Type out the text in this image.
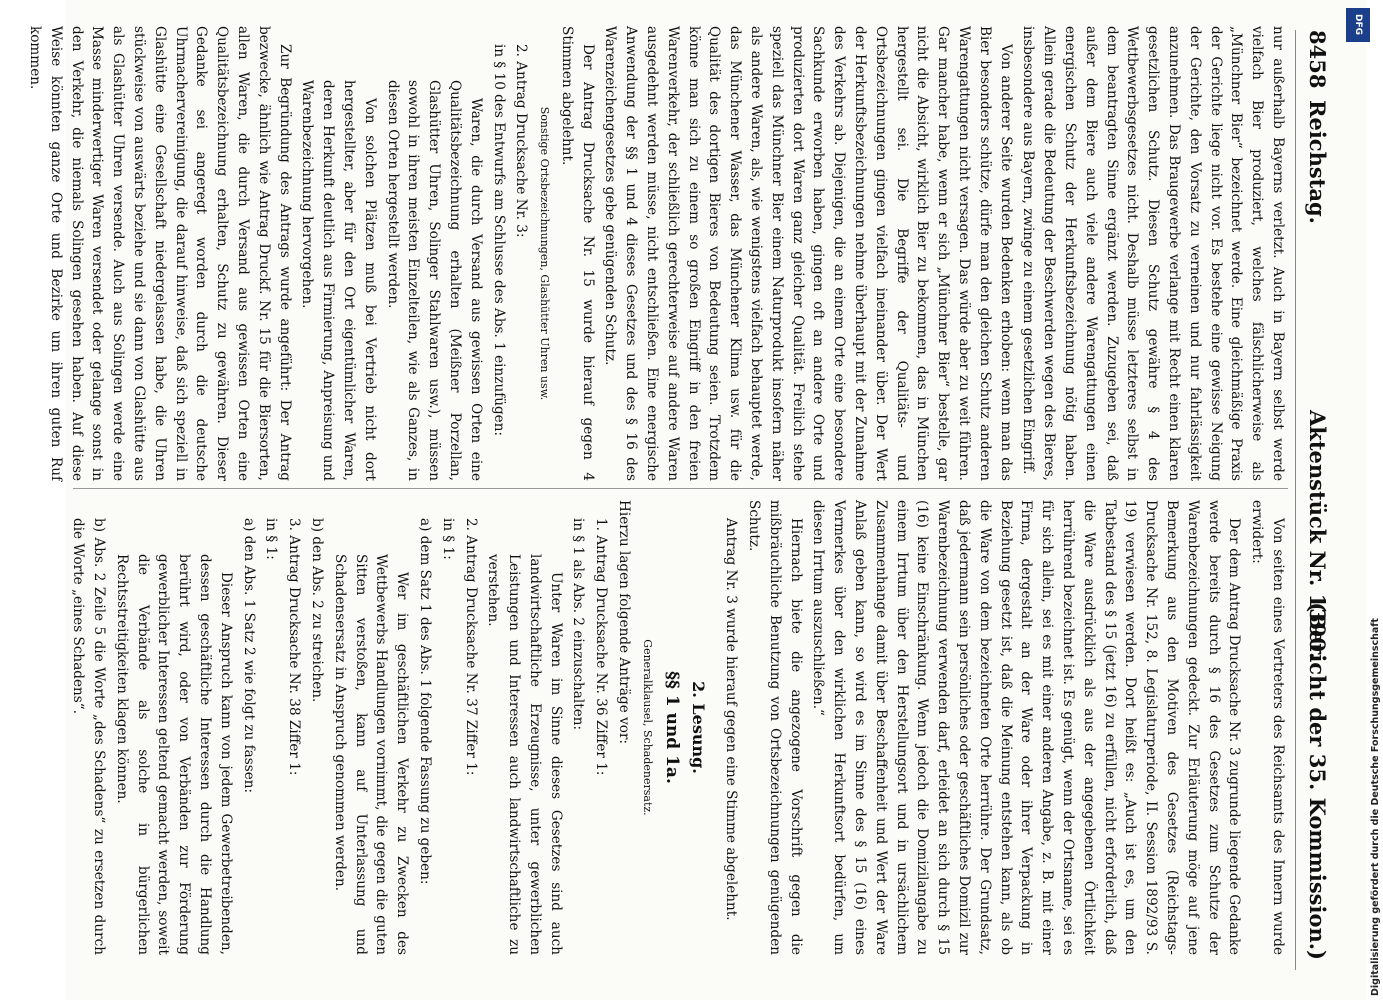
8458
Reichstag.
Aktenstück Nr. 1390.
(Bericht der 35. Kommission.)

nur außerhalb Bayerns verletzt. Auch in Bayern selbst werde vielfach Bier produziert, welches fälschlicherweise als „Münchner Bier“ bezeichnet werde. Eine gleichmäßige Praxis der Gerichte liege nicht vor. Es bestehe eine gewisse Neigung der Gerichte, den Vorsatz zu verneinen und nur fahrlässigkeit anzunehmen. Das Braugewerbe verlange mit Recht einen klaren gesetzlichen Schutz. Diesen Schutz gewähre § 4 des Wettbewerbsgesetzes nicht. Deshalb müsse letzteres selbst in dem beantragten Sinne ergänzt werden. Zuzugeben sei, daß außer dem Biere auch viele andere Warengattungen einen energischen Schutz der Herkunftsbezeichnung nötig haben. Allein gerade die Bedeutung der Beschwerden wegen des Bieres, insbesondere aus Bayern, zwinge zu einem gesetzlichen Eingriff.

Von anderer Seite wurden Bedenken erhoben: wenn man das Bier besonders schütze, dürfe man den gleichen Schutz anderen Warengattungen nicht versagen. Das würde aber zu weit führen. Gar mancher habe, wenn er sich „Münchner Bier“ bestelle, gar nicht die Absicht, wirklich Bier zu bekommen, das in München hergestellt sei. Die Begriffe der Qualitäts- und Ortsbezeichnungen gingen vielfach ineinander über. Der Wert der Herkunftsbezeichnungen nehme überhaupt mit der Zunahme des Verkehrs ab. Diejenigen, die an einem Orte eine besondere Sachkunde erworben haben, gingen oft an andere Orte und produzierten dort Waren ganz gleicher Qualität. Freilich stehe speziell das Münchner Bier einem Naturprodukt insofern näher als andere Waren, als, wie wenigstens vielfach behauptet werde, das Münchener Wasser, das Münchener Klima usw. für die Qualität des dortigen Bieres von Bedeutung seien. Trotzdem könne man sich zu einem so großen Eingriff in den freien Warenverkehr, der schließlich gerechterweise auf andere Waren ausgedehnt werden müsse, nicht entschließen. Eine energische Anwendung der §§ 1 und 4 dieses Gesetzes und des § 16 des Warenzeichengesetzes gebe genügenden Schutz.

Der Antrag Drucksache Nr. 15 wurde hierauf gegen 4 Stimmen abgelehnt.

Sonstige Ortsbezeichnungen, Glashütter Uhren usw.

2. Antrag Drucksache Nr. 3:

in § 10 des Entwurfs am Schlusse des Abs. 1 einzufügen:

Waren, die durch Versand aus gewissen Orten eine Qualitätsbezeichnung erhalten (Meißner Porzellan, Glashütter Uhren, Solinger Stahlwaren usw.), müssen sowohl in ihren meisten Einzelteilen, wie als Ganzes, in diesen Orten hergestellt werden.

Von solchen Plätzen muß bei Vertrieb nicht dort hergestellter, aber für den Ort eigentümlicher Waren, deren Herkunft deutlich aus Firmierung, Anpreisung und Warenbezeichnung hervorgehen.

Zur Begründung des Antrags wurde angeführt: Der Antrag bezwecke, ähnlich wie Antrag Druckf. Nr. 15 für die Biersorten, allen Waren, die durch Versand aus gewissen Orten eine Qualitätsbezeichnung erhalten, Schutz zu gewähren. Dieser Gedanke sei angeregt worden durch die deutsche Uhrmachervereinigung, die darauf hinweise, daß sich speziell in Glashütte eine Gesellschaft niedergelassen habe, die Uhren stückweise von auswärts beziehe und sie dann von Glashütte aus als Glashütter Uhren versende. Auch aus Solingen werde eine Masse minderwertiger Waren versendet oder gelange sonst in den Verkehr, die niemals Solingen gesehen haben. Auf diese Weise könnten ganze Orte und Bezirke um ihren guten Ruf kommen.

Von seiten eines Vertreters des Reichsamts des Innern wurde erwidert:

Der dem Antrag Drucksache Nr. 3 zugrunde liegende Gedanke werde bereits durch § 16 des Gesetzes zum Schutze der Warenbezeichnungen gedeckt. Zur Erläuterung möge auf jene Bemerkung aus den Motiven des Gesetzes (Reichstags-Drucksache Nr. 152, 8. Legislaturperiode, II. Session 1892/93 S. 19) verwiesen werden. Dort heißt es: „Auch ist es, um den Tatbestand des § 15 (jetzt 16) zu erfüllen, nicht erforderlich, daß die Ware ausdrücklich als aus der angegebenen Örtlichkeit herrührend bezeichnet ist. Es genügt, wenn der Ortsname, sei es für sich allein, sei es mit einer anderen Angabe, z. B. mit einer Firma, dergestalt an der Ware oder ihrer Verpackung in Beziehung gesetzt ist, daß die Meinung entstehen kann, als ob die Ware von dem bezeichneten Orte herrühre. Der Grundsatz, daß jedermann sein persönliches oder geschäftliches Domizil zur Warenbezeichnung verwenden darf, erleidet an sich durch § 15 (16) keine Einschränkung. Wenn jedoch die Domizilangabe zu einem Irrtum über den Herstellungsort und in ursächlichem Zusammenhange damit über Beschaffenheit und Wert der Ware Anlaß geben kann, so wird es im Sinne des § 15 (16) eines Vermerkes über den wirklichen Herkunftsort bedürfen, um diesen Irrtum auszuschließen.“

Hiernach biete die angezogene Vorschrift gegen die mißbräuchliche Benutzung von Ortsbezeichnungen genügenden Schutz.

Antrag Nr. 3 wurde hierauf gegen eine Stimme abgelehnt.

2. Lesung.

§§ 1 und 1a.

Generalklausel, Schadenersatz.

Hierzu lagen folgende Anträge vor:

1. Antrag Drucksache Nr. 36 Ziffer 1:

in § 1 als Abs. 2 einzuschalten:

Unter Waren im Sinne dieses Gesetzes sind auch landwirtschaftliche Erzeugnisse, unter gewerblichen Leistungen und Interessen auch landwirtschaftliche zu verstehen.

2. Antrag Drucksache Nr. 37 Ziffer 1:

in § 1:

a) dem Satz 1 des Abs. 1 folgende Fassung zu geben:

Wer im geschäftlichen Verkehr zu Zwecken des Wettbewerbs Handlungen vornimmt, die gegen die guten Sitten verstoßen, kann auf Unterlassung und Schadensersatz in Anspruch genommen werden.

b) den Abs. 2 zu streichen.

3. Antrag Drucksache Nr. 38 Ziffer 1:

in § 1:

a) den Abs. 1 Satz 2 wie folgt zu fassen:

Dieser Anspruch kann von jedem Gewerbetreibenden, dessen geschäftliche Interessen durch die Handlung berührt wird, oder von Verbänden zur Förderung gewerblicher Interessen geltend gemacht werden, soweit die Verbände als solche in bürgerlichen Rechtsstreitigkeiten klagen können.

b) Abs. 2 Zeile 5 die Worte „des Schadens“ zu ersetzen durch die Worte „eines Schadens“.

DFG
Digitalisierung gefördert durch die Deutsche Forschungsgemeinschaft
